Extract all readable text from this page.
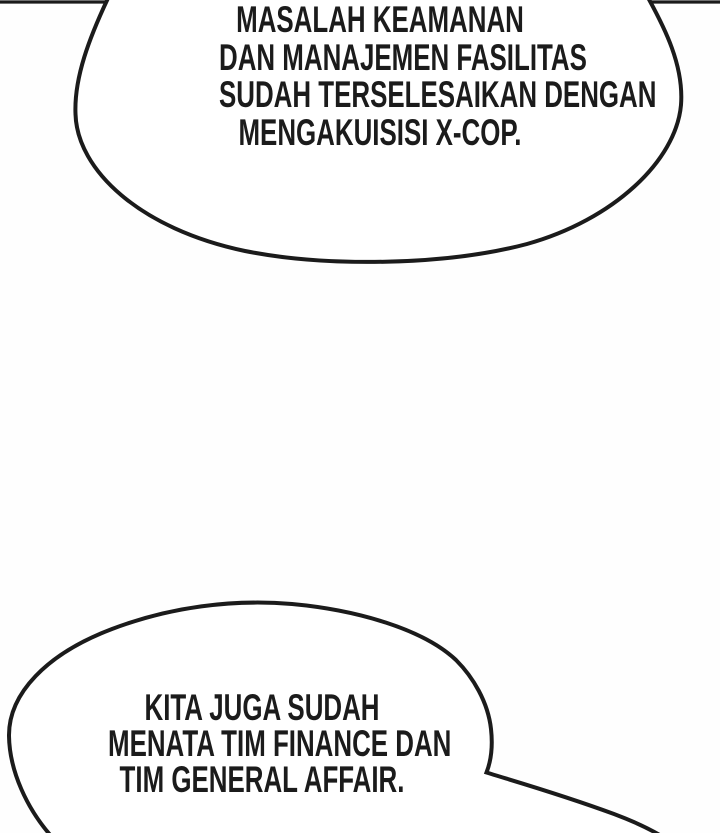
MASALAH KEAMANAN
DAN MANAJEMEN FASILITAS
SUDAH TERSELESAIKAN DENGAN
MENGAKUISISI X-COP.
KITA JUGA SUDAH
MENATA TIM FINANCE DAN
TIM GENERAL AFFAIR.
